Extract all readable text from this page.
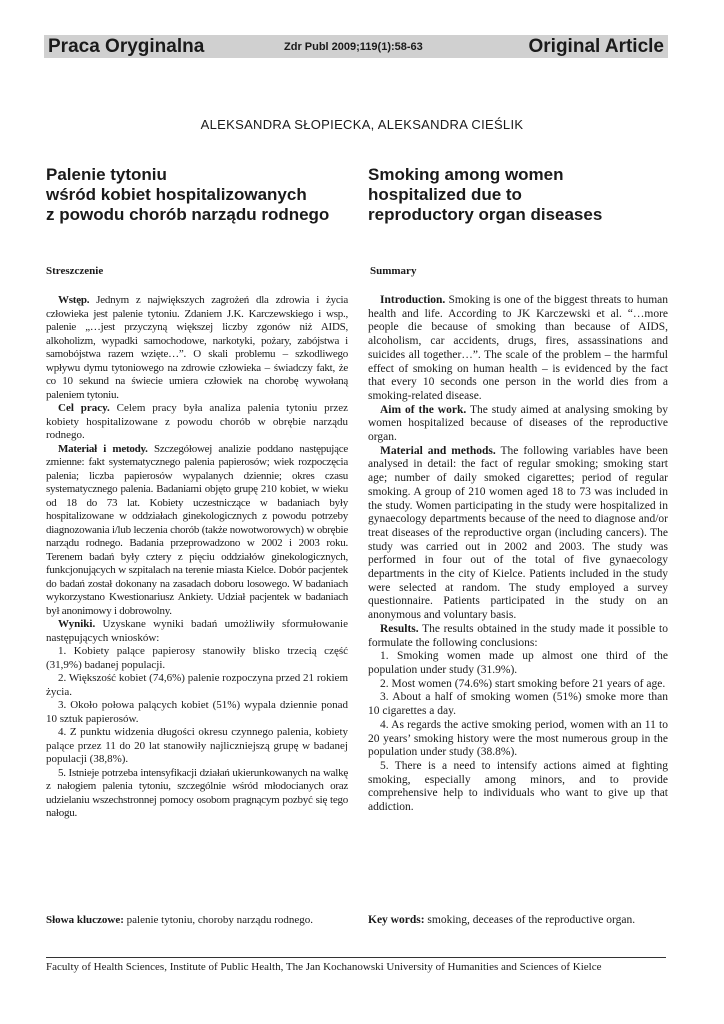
Praca Oryginalna	Zdr Publ 2009;119(1):58-63	Original Article
ALEKSANDRA SŁOPIECKA, ALEKSANDRA CIEŚLIK
Palenie tytoniu
wśród kobiet hospitalizowanych
z powodu chorób narządu rodnego
Smoking among women
hospitalized due to
reproductory organ diseases
Streszczenie	Summary

Wstęp. Jednym z największych zagrożeń dla zdrowia i życia człowieka jest palenie tytoniu. Zdaniem J.K. Karczewskiego i wsp., palenie „…jest przyczyną większej liczby zgonów niż AIDS, alkoholizm, wypadki samochodowe, narkotyki, pożary, zabójstwa i samobójstwa razem wzięte…”. O skali problemu – szkodliwego wpływu dymu tytoniowego na zdrowie człowieka – świadczy fakt, że co 10 sekund na świecie umiera człowiek na chorobę wywołaną paleniem tytoniu.

Cel pracy. Celem pracy była analiza palenia tytoniu przez kobiety hospitalizowane z powodu chorób w obrębie narządu rodnego.

Materiał i metody. Szczegółowej analizie poddano następujące zmienne: fakt systematycznego palenia papierosów; wiek rozpoczęcia palenia; liczba papierosów wypalanych dziennie; okres czasu systematycznego palenia. Badaniami objęto grupę 210 kobiet, w wieku od 18 do 73 lat. Kobiety uczestniczące w badaniach były hospitalizowane w oddziałach ginekologicznych z powodu potrzeby diagnozowania i/lub leczenia chorób (także nowotworowych) w obrębie narządu rodnego. Badania przeprowadzono w 2002 i 2003 roku. Terenem badań były cztery z pięciu oddziałów ginekologicznych, funkcjonujących w szpitalach na terenie miasta Kielce. Dobór pacjentek do badań został dokonany na zasadach doboru losowego. W badaniach wykorzystano Kwestionariusz Ankiety. Udział pacjentek w badaniach był anonimowy i dobrowolny.

Wyniki. Uzyskane wyniki badań umożliwiły sformułowanie następujących wniosków:

1. Kobiety palące papierosy stanowiły blisko trzecią część (31,9%) badanej populacji.

2. Większość kobiet (74,6%) palenie rozpoczyna przed 21 rokiem życia.

3. Około połowa palących kobiet (51%) wypala dziennie ponad 10 sztuk papierosów.

4. Z punktu widzenia długości okresu czynnego palenia, kobiety palące przez 11 do 20 lat stanowiły najliczniejszą grupę w badanej populacji (38,8%).

5. Istnieje potrzeba intensyfikacji działań ukierunkowanych na walkę z nałogiem palenia tytoniu, szczególnie wśród młodocianych oraz udzielaniu wszechstronnej pomocy osobom pragnącym pozbyć się tego nałogu.

Introduction. Smoking is one of the biggest threats to human health and life. According to JK Karczewski et al. “…more people die because of smoking than because of AIDS, alcoholism, car accidents, drugs, fires, assassinations and suicides all together…”. The scale of the problem – the harmful effect of smoking on human health – is evidenced by the fact that every 10 seconds one person in the world dies from a smoking-related disease.

Aim of the work. The study aimed at analysing smoking by women hospitalized because of diseases of the reproductive organ.

Material and methods. The following variables have been analysed in detail: the fact of regular smoking; smoking start age; number of daily smoked cigarettes; period of regular smoking. A group of 210 women aged 18 to 73 was included in the study. Women participating in the study were hospitalized in gynaecology departments because of the need to diagnose and/or treat diseases of the reproductive organ (including cancers). The study was carried out in 2002 and 2003. The study was performed in four out of the total of five gynaecology departments in the city of Kielce. Patients included in the study were selected at random. The study employed a survey questionnaire. Patients participated in the study on an anonymous and voluntary basis.

Results. The results obtained in the study made it possible to formulate the following conclusions:

1. Smoking women made up almost one third of the population under study (31.9%).

2. Most women (74.6%) start smoking before 21 years of age.

3. About a half of smoking women (51%) smoke more than 10 cigarettes a day.

4. As regards the active smoking period, women with an 11 to 20 years’ smoking history were the most numerous group in the population under study (38.8%).

5. There is a need to intensify actions aimed at fighting smoking, especially among minors, and to provide comprehensive help to individuals who want to give up that addiction.

Słowa kluczowe: palenie tytoniu, choroby narządu rodnego.	Key words: smoking, deceases of the reproductive organ.
Faculty of Health Sciences, Institute of Public Health, The Jan Kochanowski University of Humanities and Sciences of Kielce
